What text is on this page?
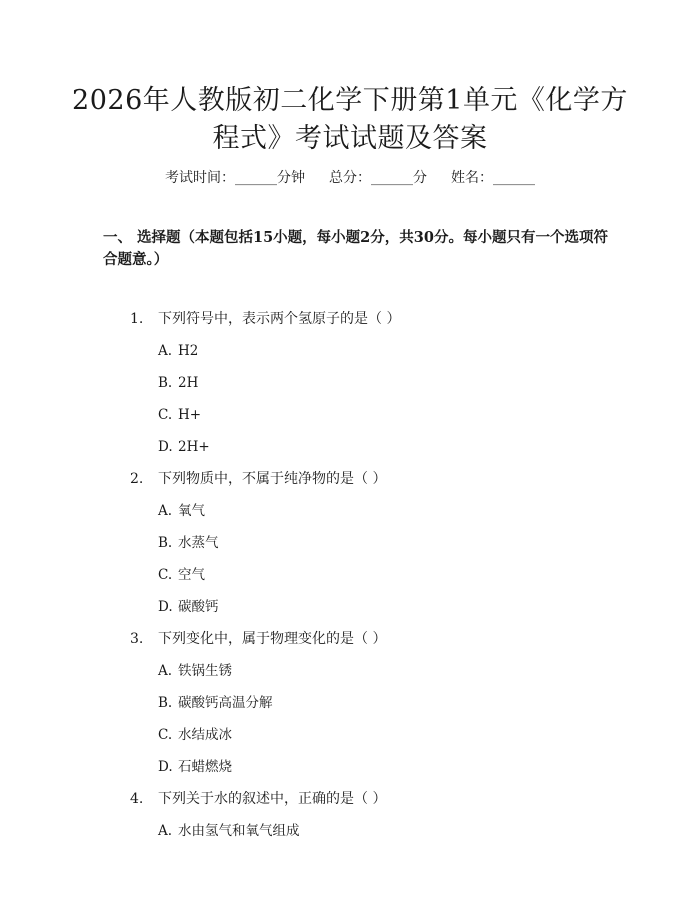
2026年人教版初二化学下册第1单元《化学方程式》考试试题及答案
考试时间：______分钟 总分：______分 姓名：______

一、 选择题（本题包括15小题，每小题2分，共30分。每小题只有一个选项符合题意。）

1. 下列符号中，表示两个氢原子的是（ ）
A. H2
B. 2H
C. H+
D. 2H+
2. 下列物质中，不属于纯净物的是（ ）
A. 氧气
B. 水蒸气
C. 空气
D. 碳酸钙
3. 下列变化中，属于物理变化的是（ ）
A. 铁锅生锈
B. 碳酸钙高温分解
C. 水结成冰
D. 石蜡燃烧
4. 下列关于水的叙述中，正确的是（ ）
A. 水由氢气和氧气组成
